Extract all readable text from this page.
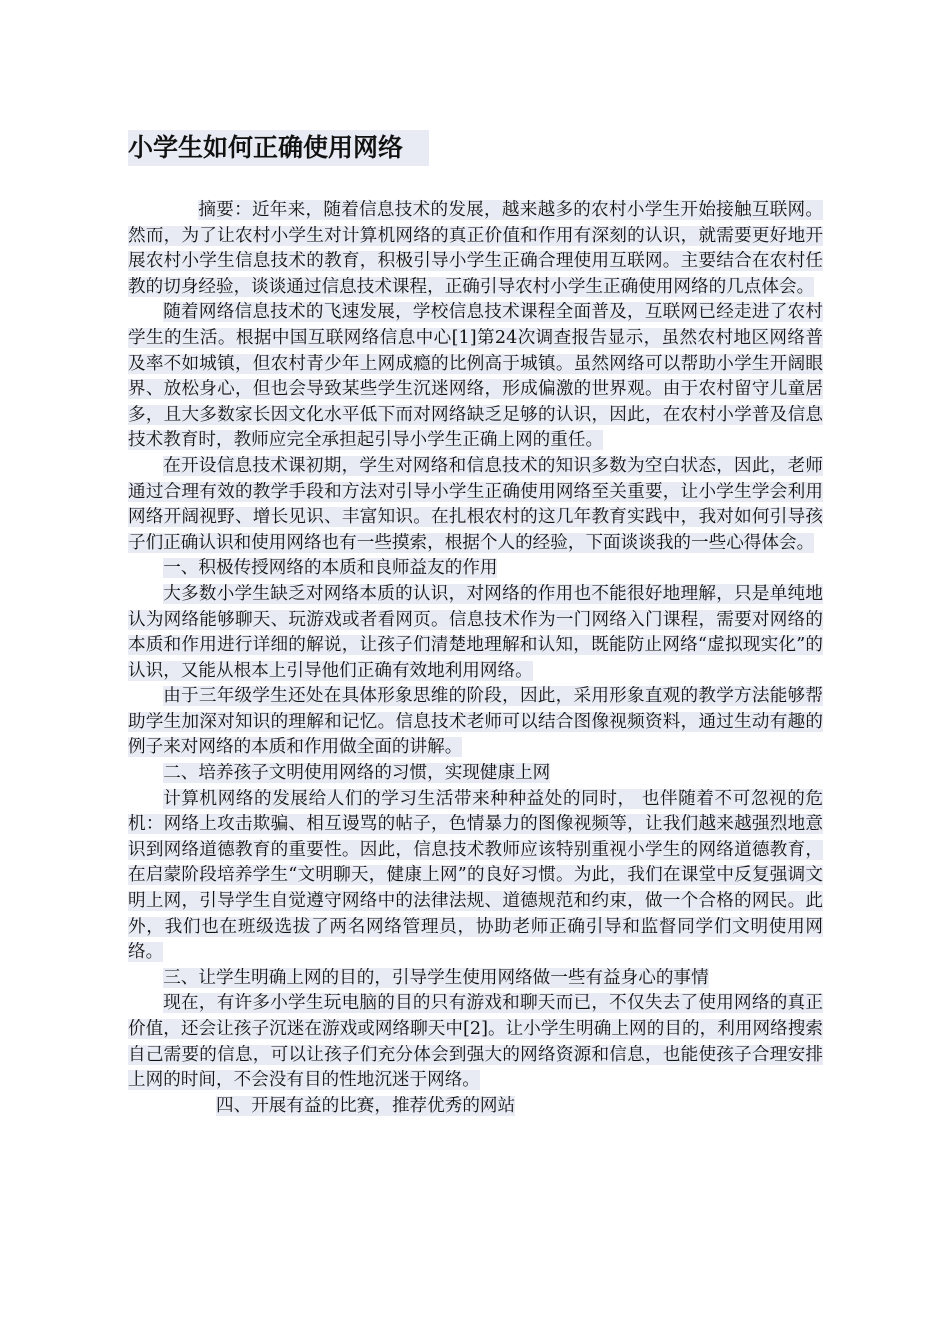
小学生如何正确使用网络

摘要：近年来，随着信息技术的发展，越来越多的农村小学生开始接触互联网。然而，为了让农村小学生对计算机网络的真正价值和作用有深刻的认识，就需要更好地开展农村小学生信息技术的教育，积极引导小学生正确合理使用互联网。主要结合在农村任教的切身经验，谈谈通过信息技术课程，正确引导农村小学生正确使用网络的几点体会。

随着网络信息技术的飞速发展，学校信息技术课程全面普及，互联网已经走进了农村学生的生活。根据中国互联网络信息中心[1]第24次调查报告显示，虽然农村地区网络普及率不如城镇，但农村青少年上网成瘾的比例高于城镇。虽然网络可以帮助小学生开阔眼界、放松身心，但也会导致某些学生沉迷网络，形成偏激的世界观。由于农村留守儿童居多，且大多数家长因文化水平低下而对网络缺乏足够的认识，因此，在农村小学普及信息技术教育时，教师应完全承担起引导小学生正确上网的重任。

在开设信息技术课初期，学生对网络和信息技术的知识多数为空白状态，因此，老师通过合理有效的教学手段和方法对引导小学生正确使用网络至关重要，让小学生学会利用网络开阔视野、增长见识、丰富知识。在扎根农村的这几年教育实践中，我对如何引导孩子们正确认识和使用网络也有一些摸索，根据个人的经验，下面谈谈我的一些心得体会。

一、积极传授网络的本质和良师益友的作用

大多数小学生缺乏对网络本质的认识，对网络的作用也不能很好地理解，只是单纯地认为网络能够聊天、玩游戏或者看网页。信息技术作为一门网络入门课程，需要对网络的本质和作用进行详细的解说，让孩子们清楚地理解和认知，既能防止网络“虚拟现实化”的认识，又能从根本上引导他们正确有效地利用网络。

由于三年级学生还处在具体形象思维的阶段，因此，采用形象直观的教学方法能够帮助学生加深对知识的理解和记忆。信息技术老师可以结合图像视频资料，通过生动有趣的例子来对网络的本质和作用做全面的讲解。

二、培养孩子文明使用网络的习惯，实现健康上网

计算机网络的发展给人们的学习生活带来种种益处的同时， 也伴随着不可忽视的危机：网络上攻击欺骗、相互谩骂的帖子，色情暴力的图像视频等，让我们越来越强烈地意识到网络道德教育的重要性。因此，信息技术教师应该特别重视小学生的网络道德教育，在启蒙阶段培养学生“文明聊天，健康上网”的良好习惯。为此，我们在课堂中反复强调文明上网，引导学生自觉遵守网络中的法律法规、道德规范和约束，做一个合格的网民。此外，我们也在班级选拔了两名网络管理员，协助老师正确引导和监督同学们文明使用网络。

三、让学生明确上网的目的，引导学生使用网络做一些有益身心的事情

现在，有许多小学生玩电脑的目的只有游戏和聊天而已，不仅失去了使用网络的真正价值，还会让孩子沉迷在游戏或网络聊天中[2]。让小学生明确上网的目的，利用网络搜索自己需要的信息，可以让孩子们充分体会到强大的网络资源和信息，也能使孩子合理安排上网的时间，不会没有目的性地沉迷于网络。

四、开展有益的比赛，推荐优秀的网站
